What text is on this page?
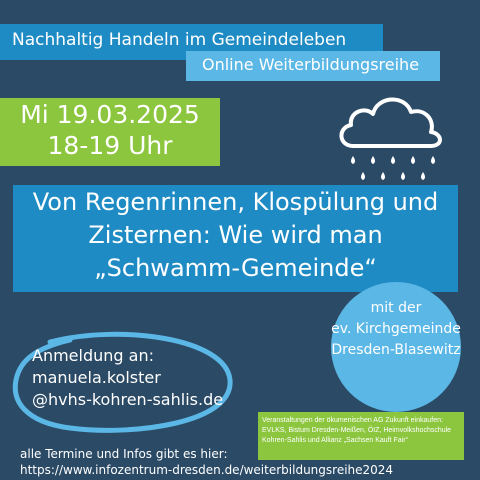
Nachhaltig Handeln im Gemeindeleben
Online Weiterbildungsreihe
Mi 19.03.2025
18-19 Uhr
Von Regenrinnen, Klospülung und
Zisternen: Wie wird man
„Schwamm-Gemeinde“
mit der
ev. Kirchgemeinde
Dresden-Blasewitz
Anmeldung an:
manuela.kolster
@hvhs-kohren-sahlis.de
Veranstaltungen der ökumenischen AG Zukunft einkaufen:
EVLKS, Bistum Dresden-Meißen, ÖIZ, Heimvolkshochschule
Kohren-Sahlis und Allianz „Sachsen Kauft Fair“
alle Termine und Infos gibt es hier:
https://www.infozentrum-dresden.de/weiterbildungsreihe2024
